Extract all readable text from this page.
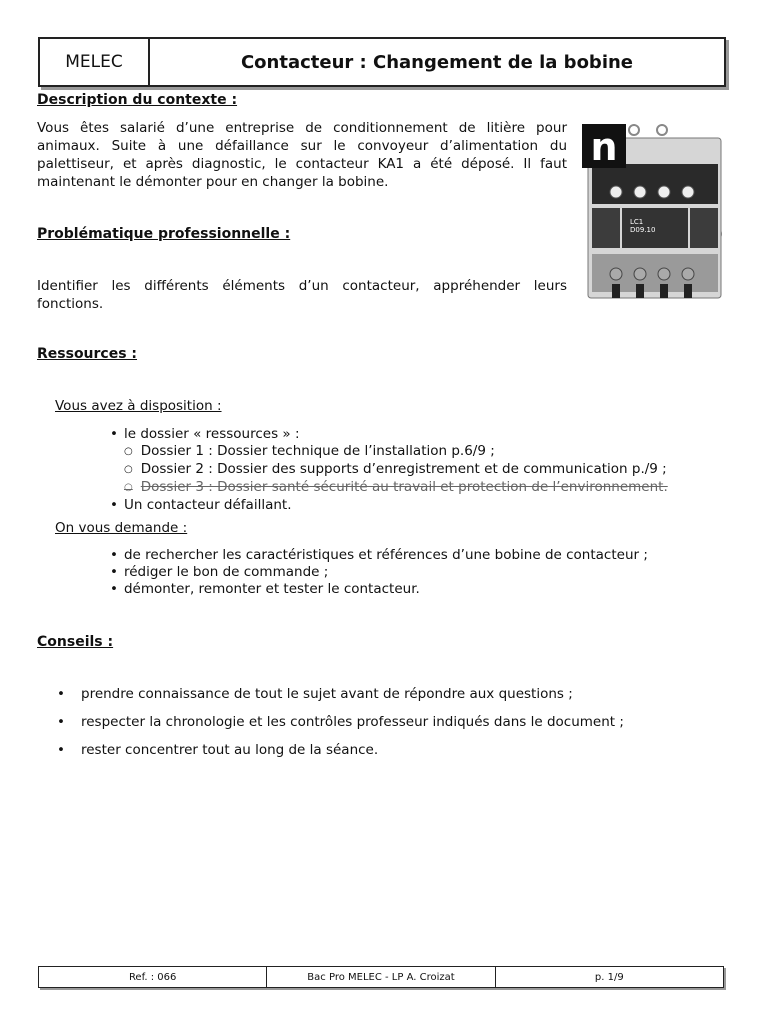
MELEC	Contacteur : Changement de la bobine
Description du contexte :
Vous êtes salarié d’une entreprise de conditionnement de litière pour animaux. Suite à une défaillance sur le convoyeur d’alimentation du palettiseur, et après diagnostic, le contacteur KA1 a été déposé. Il faut maintenant le démonter pour en changer la bobine.
n
LC1
D09.10
Problématique professionnelle :
Identifier les différents éléments d’un contacteur, appréhender leurs fonctions.
Ressources :
Vous avez à disposition :
• le dossier « ressources » :
○ Dossier 1 : Dossier technique de l’installation p.6/9 ;
○ Dossier 2 : Dossier des supports d’enregistrement et de communication p./9 ;
○ Dossier 3 : Dossier santé sécurité au travail et protection de l’environnement.
• Un contacteur défaillant.
On vous demande :
• de rechercher les caractéristiques et références d’une bobine de contacteur ;
• rédiger le bon de commande ;
• démonter, remonter et tester le contacteur.
Conseils :
• prendre connaissance de tout le sujet avant de répondre aux questions ;
• respecter la chronologie et les contrôles professeur indiqués dans le document ;
• rester concentrer tout au long de la séance.
Ref. : 066	Bac Pro MELEC - LP A. Croizat	p. 1/9
